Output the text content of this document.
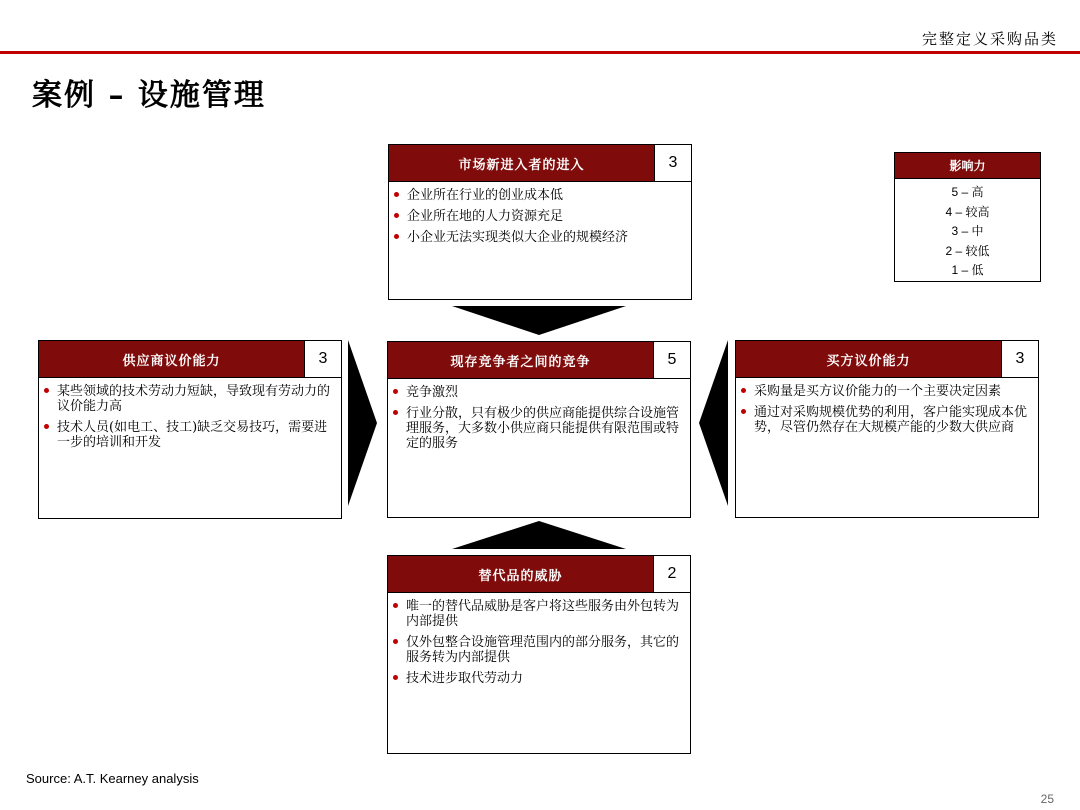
完整定义采购品类
案例 – 设施管理
市场新进入者的进入	3
企业所在行业的创业成本低
企业所在地的人力资源充足
小企业无法实现类似大企业的规模经济
影响力
5 – 高
4 – 较高
3 – 中
2 – 较低
1 – 低
供应商议价能力	3
某些领域的技术劳动力短缺，导致现有劳动力的议价能力高
技术人员(如电工、技工)缺乏交易技巧，需要进一步的培训和开发
现存竞争者之间的竞争	5
竞争激烈
行业分散，只有极少的供应商能提供综合设施管理服务，大多数小供应商只能提供有限范围或特定的服务
买方议价能力	3
采购量是买方议价能力的一个主要决定因素
通过对采购规模优势的利用，客户能实现成本优势，尽管仍然存在大规模产能的少数大供应商
替代品的威胁	2
唯一的替代品威胁是客户将这些服务由外包转为内部提供
仅外包整合设施管理范围内的部分服务，其它的服务转为内部提供
技术进步取代劳动力
Source: A.T. Kearney analysis
25
